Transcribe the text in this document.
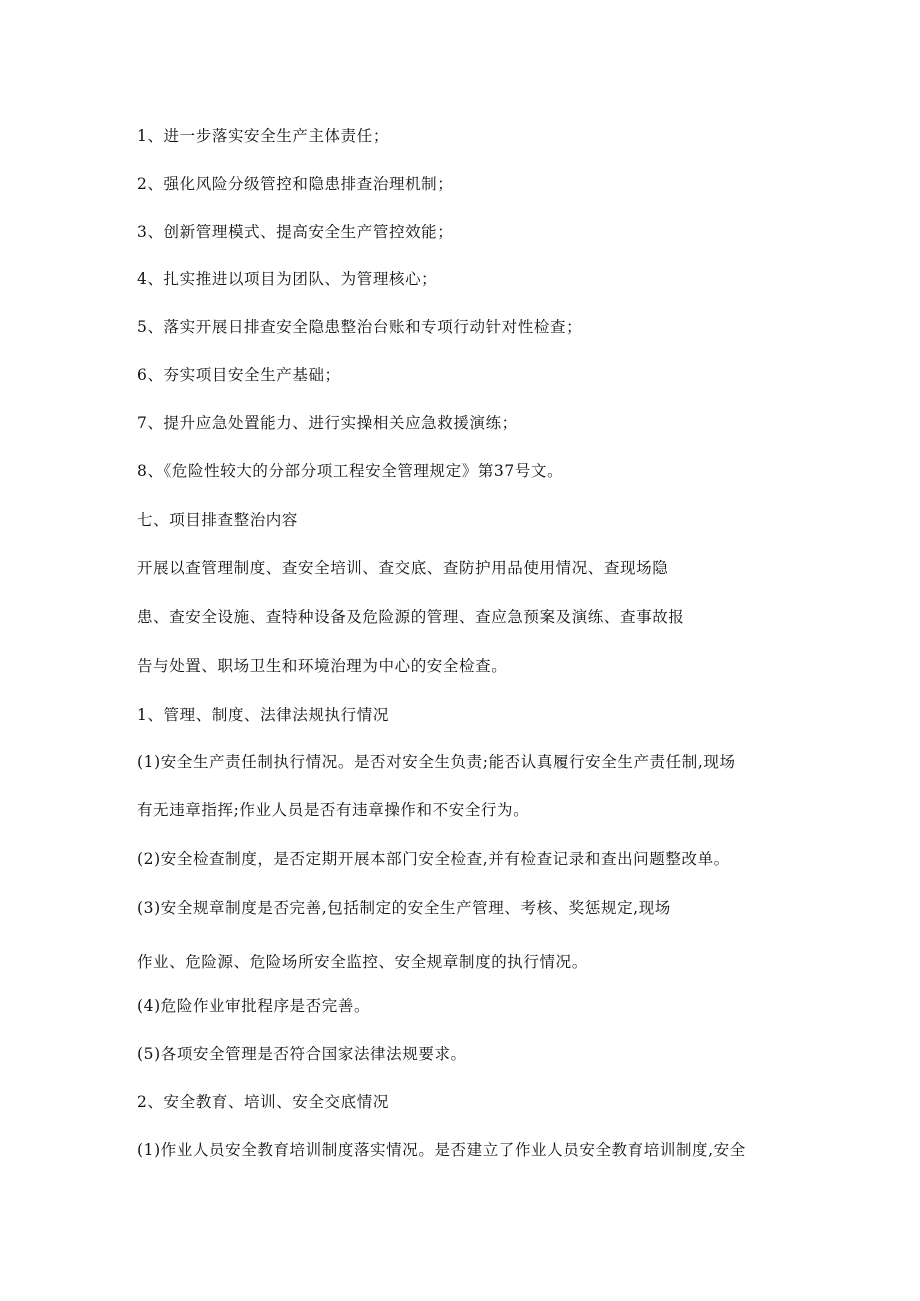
1、进一步落实安全生产主体责任；
2、强化风险分级管控和隐患排查治理机制；
3、创新管理模式、提高安全生产管控效能；
4、扎实推进以项目为团队、为管理核心；
5、落实开展日排查安全隐患整治台账和专项行动针对性检查；
6、夯实项目安全生产基础；
7、提升应急处置能力、进行实操相关应急救援演练；
8、《危险性较大的分部分项工程安全管理规定》第37号文。
七、项目排查整治内容
开展以查管理制度、查安全培训、查交底、查防护用品使用情况、查现场隐
患、查安全设施、查特种设备及危险源的管理、查应急预案及演练、查事故报
告与处置、职场卫生和环境治理为中心的安全检查。
1、管理、制度、法律法规执行情况
(1)安全生产责任制执行情况。是否对安全生负责;能否认真履行安全生产责任制,现场
有无违章指挥;作业人员是否有违章操作和不安全行为。
(2)安全检查制度，是否定期开展本部门安全检查,并有检查记录和查出问题整改单。
(3)安全规章制度是否完善,包括制定的安全生产管理、考核、奖惩规定,现场
作业、危险源、危险场所安全监控、安全规章制度的执行情况。
(4)危险作业审批程序是否完善。
(5)各项安全管理是否符合国家法律法规要求。
2、安全教育、培训、安全交底情况
(1)作业人员安全教育培训制度落实情况。是否建立了作业人员安全教育培训制度,安全
